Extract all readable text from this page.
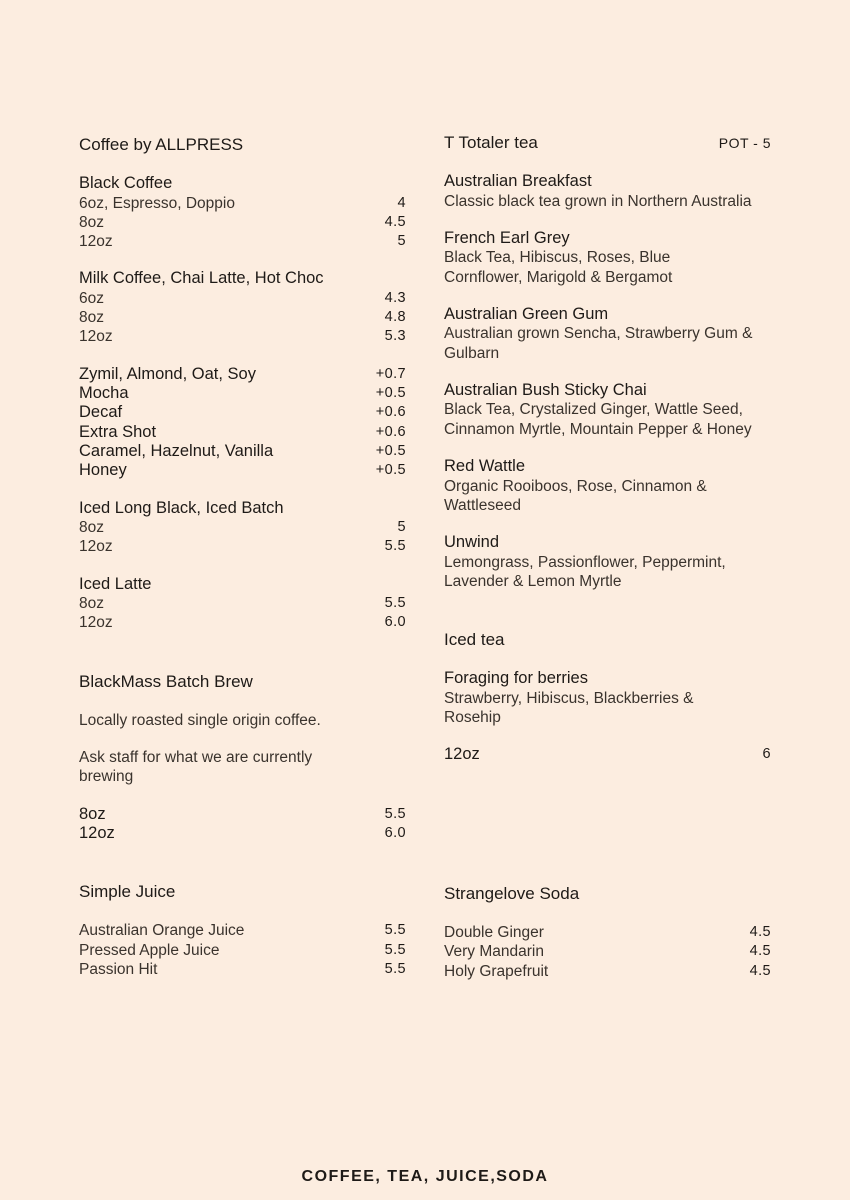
Coffee by ALLPRESS
Black Coffee
6oz, Espresso, Doppio	4
8oz	4.5
12oz	5
Milk Coffee, Chai Latte, Hot Choc
6oz	4.3
8oz	4.8
12oz	5.3
Zymil, Almond, Oat, Soy	+0.7
Mocha	+0.5
Decaf	+0.6
Extra Shot	+0.6
Caramel, Hazelnut, Vanilla	+0.5
Honey	+0.5
Iced Long Black, Iced Batch
8oz	5
12oz	5.5
Iced Latte
8oz	5.5
12oz	6.0
BlackMass Batch Brew
Locally roasted single origin coffee.
Ask staff for what we are currently brewing
8oz	5.5
12oz	6.0
Simple Juice
Australian Orange Juice	5.5
Pressed Apple Juice	5.5
Passion Hit	5.5
T Totaler tea	POT - 5
Australian Breakfast
Classic black tea grown in Northern Australia
French Earl Grey
Black Tea, Hibiscus, Roses, Blue Cornflower, Marigold & Bergamot
Australian Green Gum
Australian grown Sencha, Strawberry Gum & Gulbarn
Australian Bush Sticky Chai
Black Tea, Crystalized Ginger, Wattle Seed, Cinnamon Myrtle, Mountain Pepper & Honey
Red Wattle
Organic Rooiboos, Rose, Cinnamon & Wattleseed
Unwind
Lemongrass, Passionflower, Peppermint, Lavender & Lemon Myrtle
Iced tea
Foraging for berries
Strawberry, Hibiscus, Blackberries & Rosehip
12oz	6
Strangelove Soda
Double Ginger	4.5
Very Mandarin	4.5
Holy Grapefruit	4.5
COFFEE, TEA, JUICE,SODA
